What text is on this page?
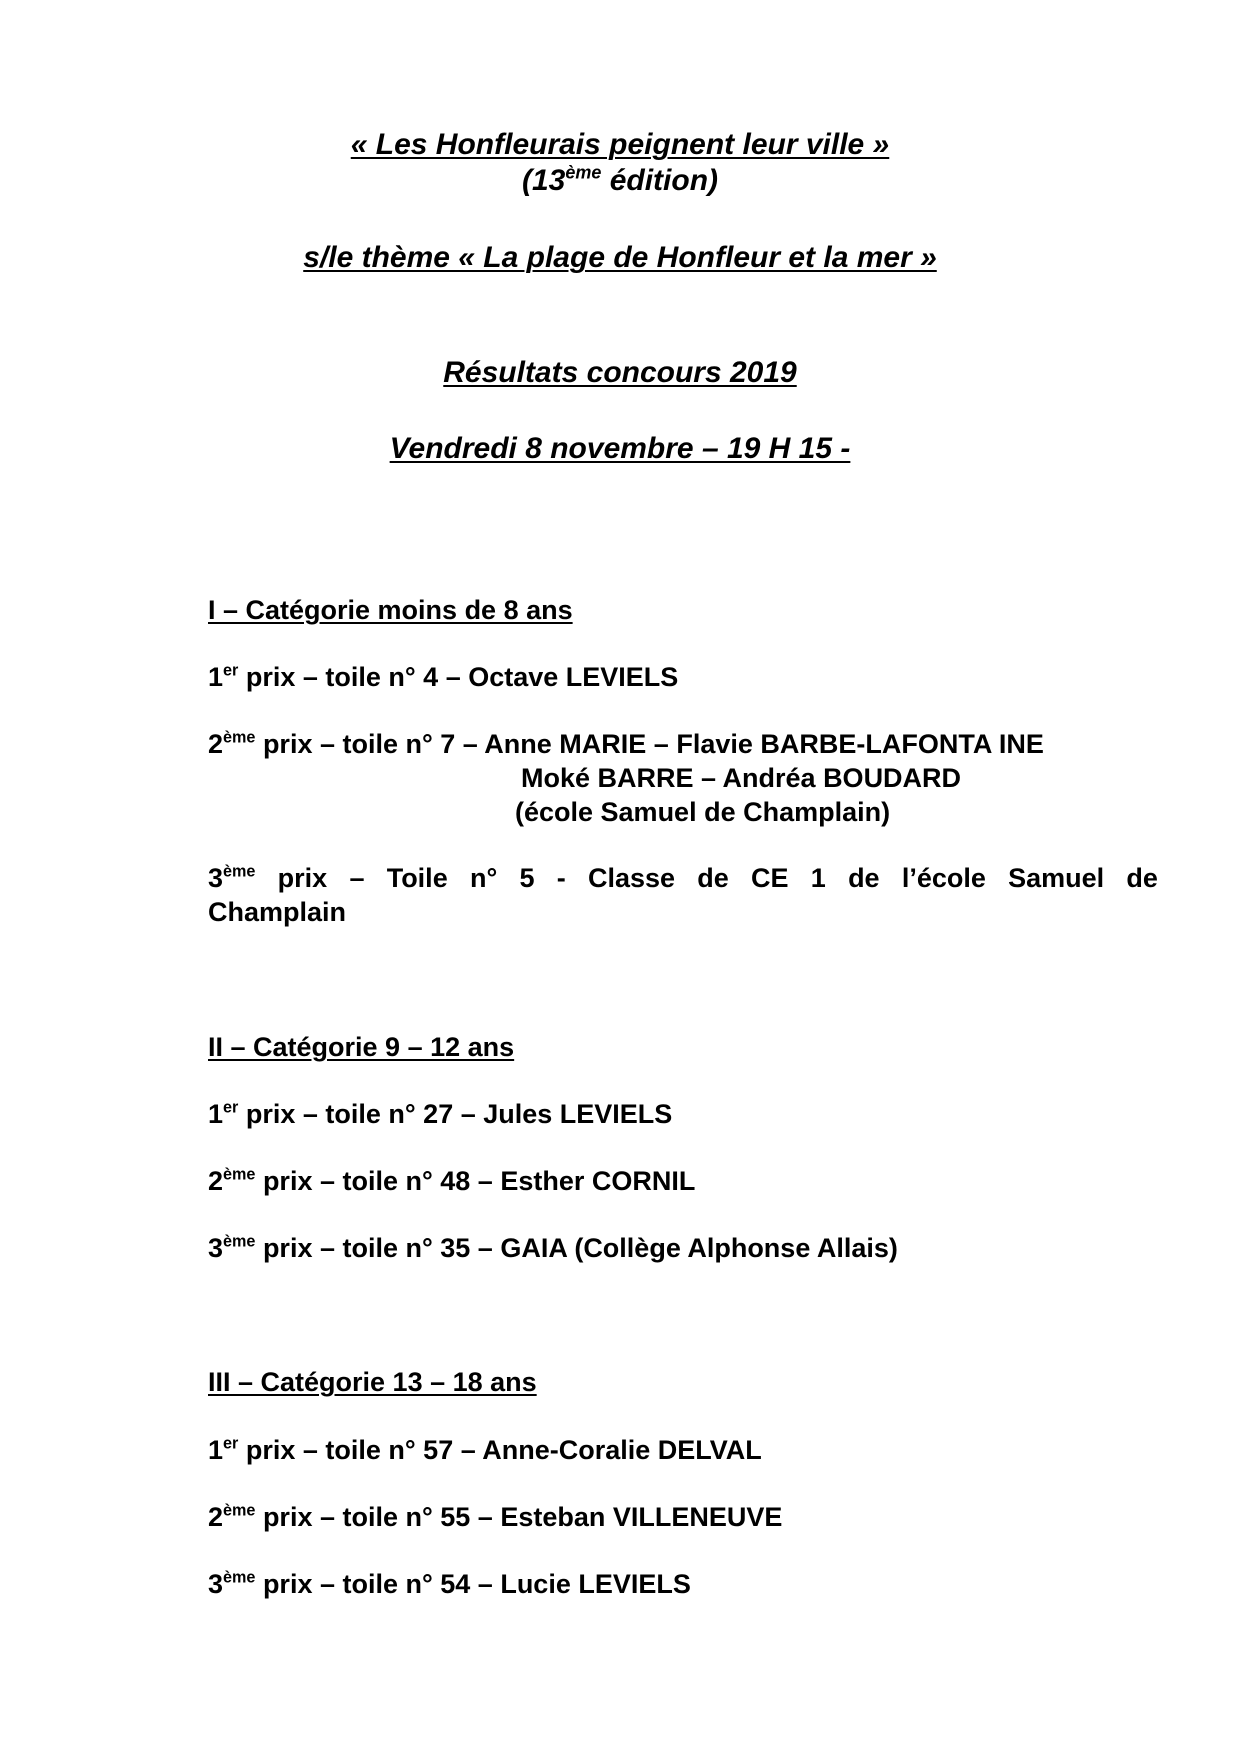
« Les Honfleurais peignent leur ville »
(13ème édition)
s/le thème « La plage de Honfleur et la mer »
Résultats concours 2019
Vendredi 8 novembre – 19 H 15 -
I – Catégorie moins de 8 ans
1er prix – toile n° 4 – Octave LEVIELS
2ème prix – toile n° 7 – Anne MARIE – Flavie BARBE-LAFONTA INE
Moké BARRE – Andréa BOUDARD
(école Samuel de Champlain)
3ème prix – Toile n° 5 - Classe de CE 1 de l’école Samuel de
Champlain
II – Catégorie 9 – 12 ans
1er prix – toile n° 27 – Jules LEVIELS
2ème prix – toile n° 48 – Esther CORNIL
3ème prix – toile n° 35 – GAIA (Collège Alphonse Allais)
III – Catégorie 13 – 18 ans
1er prix – toile n° 57 – Anne-Coralie DELVAL
2ème prix – toile n° 55 – Esteban VILLENEUVE
3ème prix – toile n° 54 – Lucie LEVIELS
